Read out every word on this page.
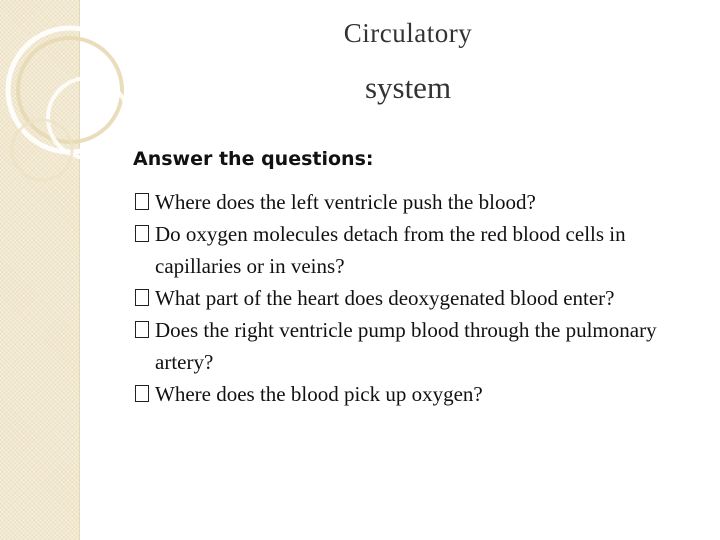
Circulatory
system
Answer the questions:
Where does the left ventricle push the blood?
Do oxygen molecules detach from the red blood cells in capillaries or in veins?
What part of the heart does deoxygenated blood enter?
Does the right ventricle pump blood through the pulmonary artery?
Where does the blood pick up oxygen?
